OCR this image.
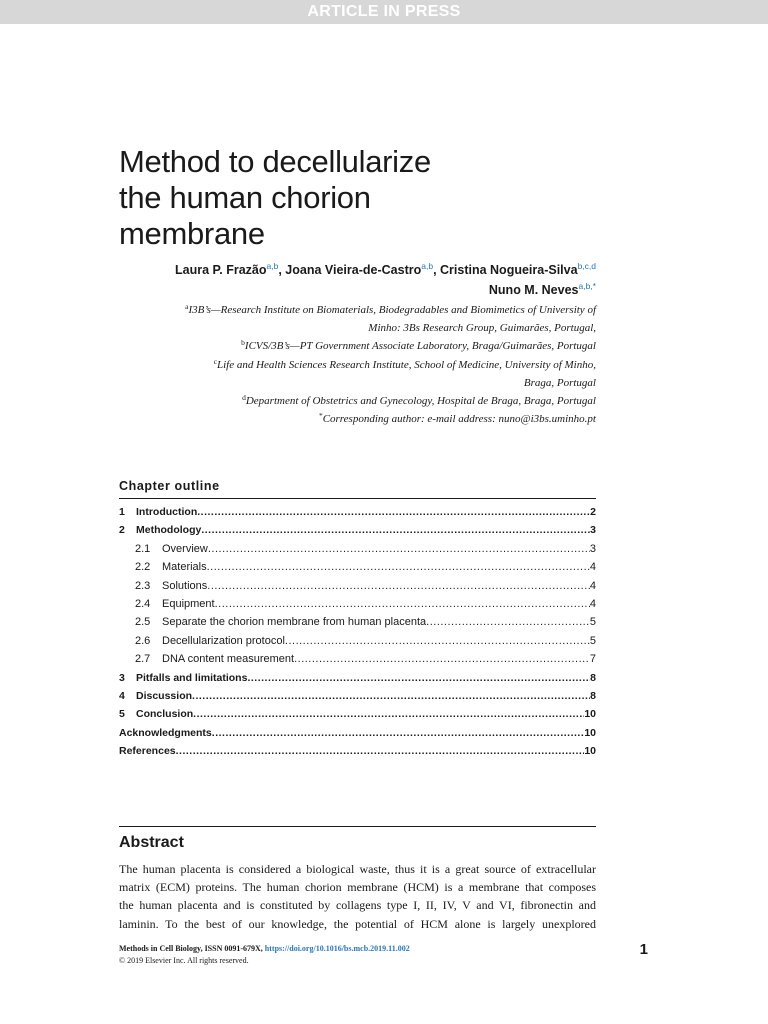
ARTICLE IN PRESS
Method to decellularize
the human chorion
membrane
Laura P. Frazão$^{a,b}$, Joana Vieira-de-Castro$^{a,b}$, Cristina Nogueira-Silva$^{b,c,d}$
Nuno M. Neves$^{a,b,*}$
$^a$I3B’s—Research Institute on Biomaterials, Biodegradables and Biomimetics of University of
Minho: 3Bs Research Group, Guimarães, Portugal,
$^b$ICVS/3B’s—PT Government Associate Laboratory, Braga/Guimarães, Portugal
$^c$Life and Health Sciences Research Institute, School of Medicine, University of Minho,
Braga, Portugal
$^d$Department of Obstetrics and Gynecology, Hospital de Braga, Braga, Portugal
*Corresponding author: e-mail address: nuno@i3bs.uminho.pt
Chapter outline
1	Introduction .....	2
2	Methodology .....	3
2.1	Overview .....	3
2.2	Materials .....	4
2.3	Solutions .....	4
2.4	Equipment .....	4
2.5	Separate the chorion membrane from human placenta .....	5
2.6	Decellularization protocol .....	5
2.7	DNA content measurement .....	7
3	Pitfalls and limitations .....	8
4	Discussion .....	8
5	Conclusion .....	10
Acknowledgments .....	10
References .....	10
Abstract
The human placenta is considered a biological waste, thus it is a great source of extracellular
matrix (ECM) proteins. The human chorion membrane (HCM) is a membrane that composes
the human placenta and is constituted by collagens type I, II, IV, V and VI, fibronectin and
laminin. To the best of our knowledge, the potential of HCM alone is largely unexplored
Methods in Cell Biology, ISSN 0091-679X, https://doi.org/10.1016/bs.mcb.2019.11.002
© 2019 Elsevier Inc. All rights reserved.
1
